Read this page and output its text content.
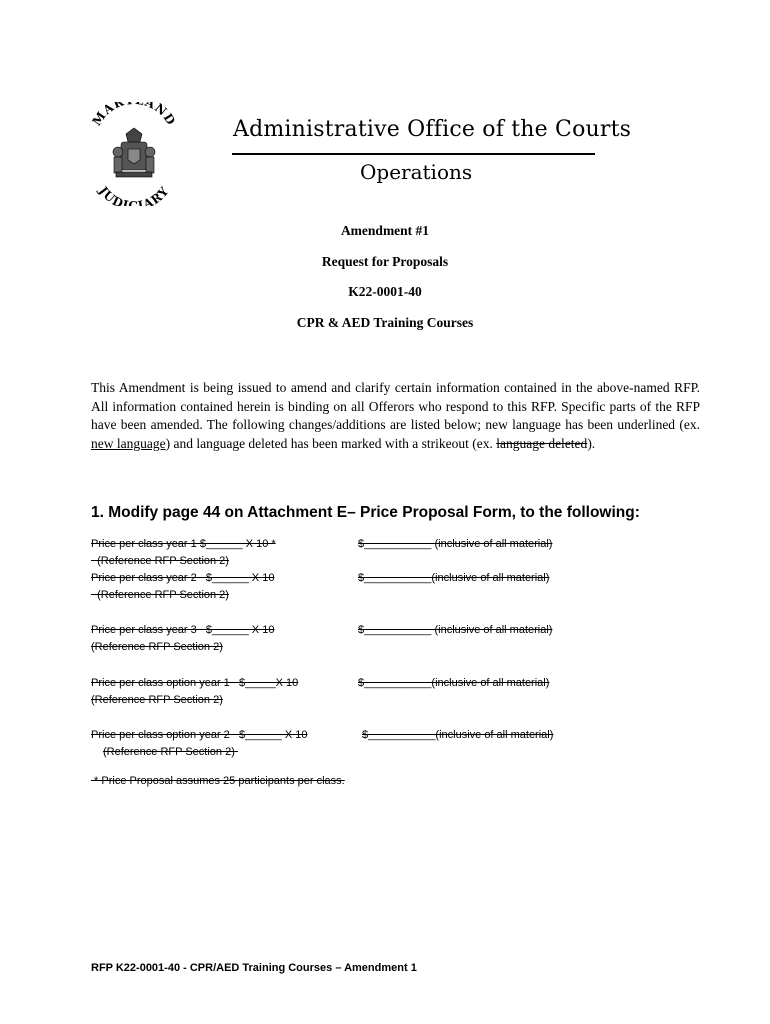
MAR AND
JUDICIARY
Administrative Office of the Courts
Operations
Amendment #1
Request for Proposals
K22-0001-40
CPR & AED Training Courses
This Amendment is being issued to amend and clarify certain information contained in the above-named RFP. All information contained herein is binding on all Offerors who respond to this RFP. Specific parts of the RFP have been amended. The following changes/additions are listed below; new language has been underlined (ex. new language) and language deleted has been marked with a strikeout (ex. language deleted).
1. Modify page 44 on Attachment E– Price Proposal Form, to the following:
Price per class year 1 $______ X 10 *	$___________ (inclusive of all material)
(Reference RFP Section 2)
Price per class year 2   $______ X 10	$___________(inclusive of all material)
(Reference RFP Section 2)
Price per class year 3   $______ X 10	$___________ (inclusive of all material)
(Reference RFP Section 2)
Price per class option year 1   $_____X 10	$___________(inclusive of all material)
(Reference RFP Section 2)
Price per class option year 2   $______ X 10	$___________(inclusive of all material)
(Reference RFP Section 2)
* Price Proposal assumes 25 participants per class.
RFP K22-0001-40 - CPR/AED Training Courses – Amendment 1
